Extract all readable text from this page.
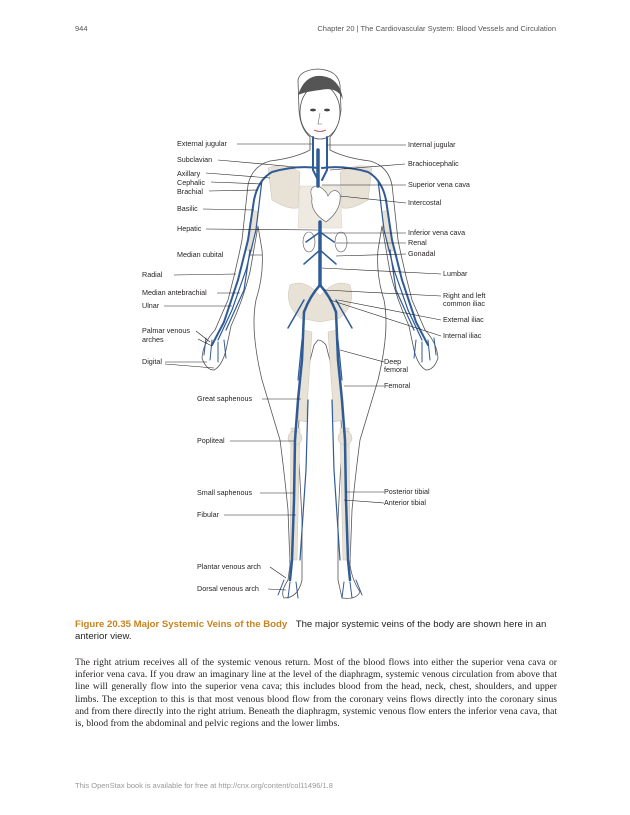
944	Chapter 20 | The Cardiovascular System: Blood Vessels and Circulation
External jugular
Subclavian
Axillary
Cephalic
Brachial
Basilic
Hepatic
Median cubital
Radial
Median antebrachial
Ulnar
Palmar venous
arches
Digital
Great saphenous
Popliteal
Small saphenous
Fibular
Plantar venous arch
Dorsal venous arch
Internal jugular
Brachiocephalic
Superior vena cava
Intercostal
Inferior vena cava
Renal
Gonadal
Lumbar
Right and left
common iliac
External iliac
Internal iliac
Deep
femoral
Femoral
Posterior tibial
Anterior tibial
Figure 20.35 Major Systemic Veins of the Body The major systemic veins of the body are shown here in an anterior view.
The right atrium receives all of the systemic venous return. Most of the blood flows into either the superior vena cava or inferior vena cava. If you draw an imaginary line at the level of the diaphragm, systemic venous circulation from above that line will generally flow into the superior vena cava; this includes blood from the head, neck, chest, shoulders, and upper limbs. The exception to this is that most venous blood flow from the coronary veins flows directly into the coronary sinus and from there directly into the right atrium. Beneath the diaphragm, systemic venous flow enters the inferior vena cava, that is, blood from the abdominal and pelvic regions and the lower limbs.
This OpenStax book is available for free at http://cnx.org/content/col11496/1.8
